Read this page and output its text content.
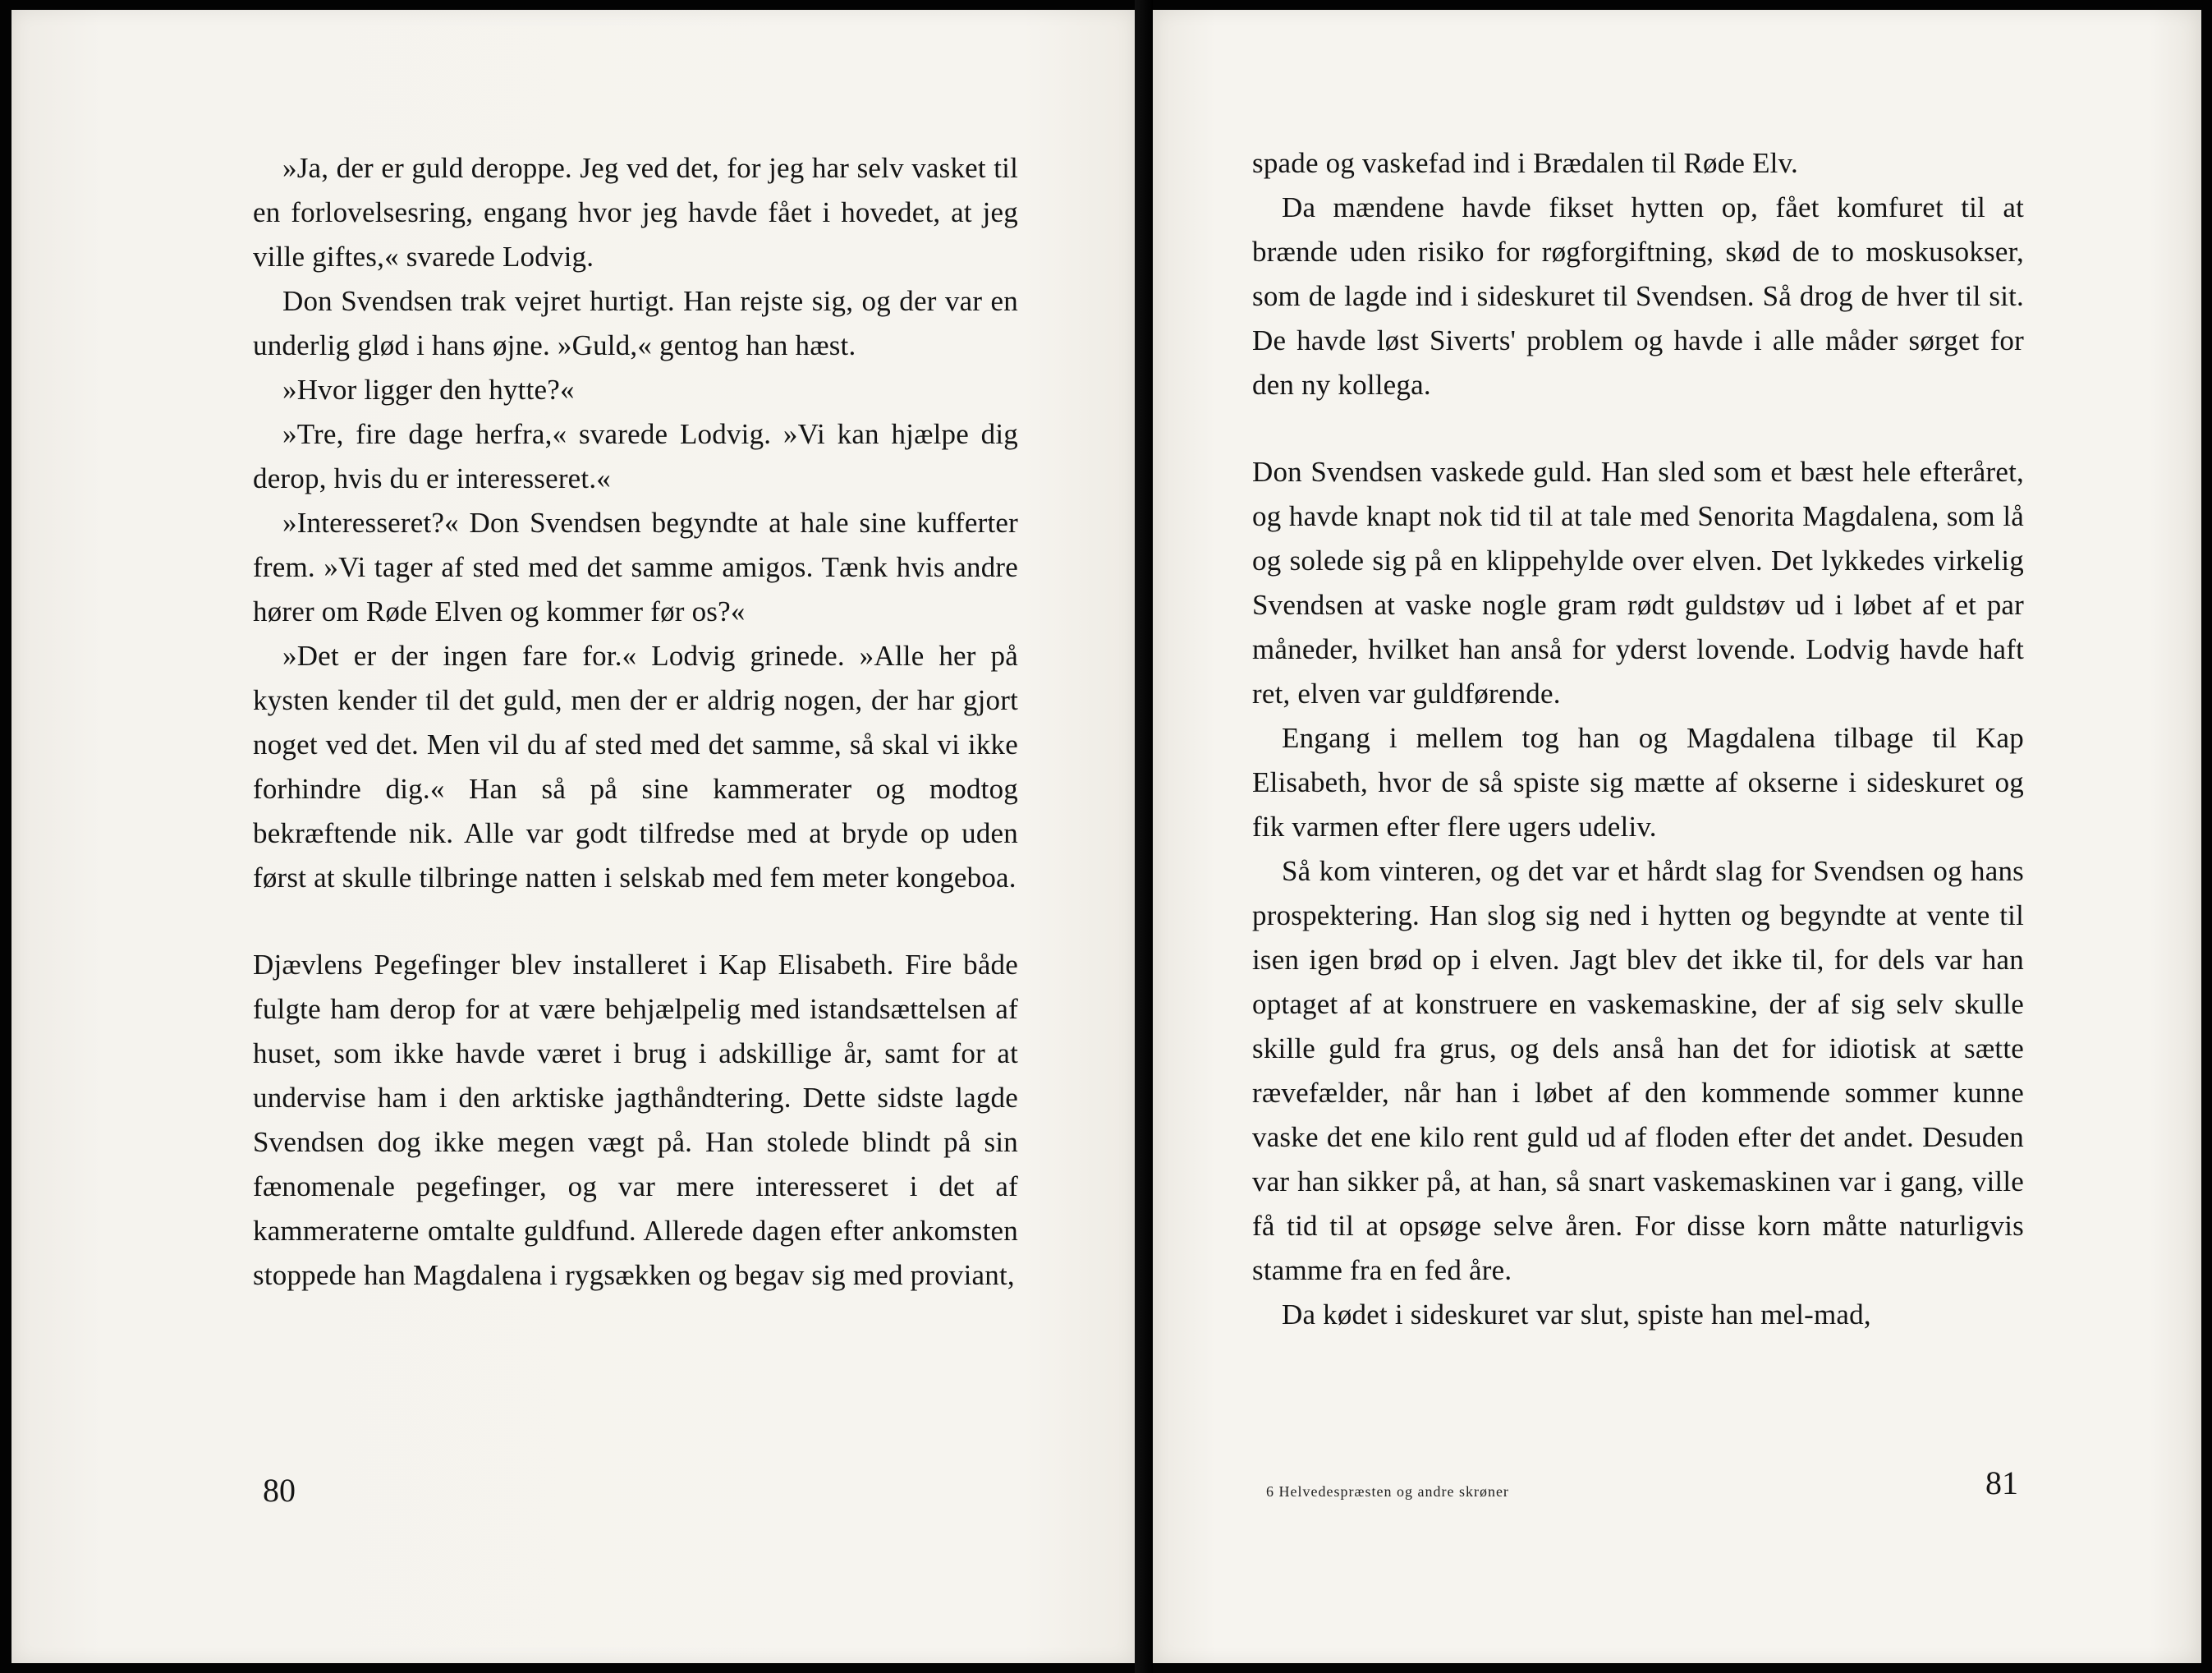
»Ja, der er guld deroppe. Jeg ved det, for jeg har selv vasket til en forlovelsesring, engang hvor jeg havde fået i hovedet, at jeg ville giftes,« svarede Lodvig.

Don Svendsen trak vejret hurtigt. Han rejste sig, og der var en underlig glød i hans øjne. »Guld,« gentog han hæst.

»Hvor ligger den hytte?«

»Tre, fire dage herfra,« svarede Lodvig. »Vi kan hjælpe dig derop, hvis du er interesseret.«

»Interesseret?« Don Svendsen begyndte at hale sine kufferter frem. »Vi tager af sted med det samme amigos. Tænk hvis andre hører om Røde Elven og kommer før os?«

»Det er der ingen fare for.« Lodvig grinede. »Alle her på kysten kender til det guld, men der er aldrig nogen, der har gjort noget ved det. Men vil du af sted med det samme, så skal vi ikke forhindre dig.« Han så på sine kammerater og modtog bekræftende nik. Alle var godt tilfredse med at bryde op uden først at skulle tilbringe natten i selskab med fem meter kongeboa.

Djævlens Pegefinger blev installeret i Kap Elisabeth. Fire både fulgte ham derop for at være behjælpelig med istandsættelsen af huset, som ikke havde været i brug i adskillige år, samt for at undervise ham i den arktiske jagthåndtering. Dette sidste lagde Svendsen dog ikke megen vægt på. Han stolede blindt på sin fænomenale pegefinger, og var mere interesseret i det af kammeraterne omtalte guldfund. Allerede dagen efter ankomsten stoppede han Magdalena i rygsækken og begav sig med proviant,

spade og vaskefad ind i Brædalen til Røde Elv.

Da mændene havde fikset hytten op, fået komfuret til at brænde uden risiko for røgforgiftning, skød de to moskusokser, som de lagde ind i sideskuret til Svendsen. Så drog de hver til sit. De havde løst Siverts' problem og havde i alle måder sørget for den ny kollega.

Don Svendsen vaskede guld. Han sled som et bæst hele efteråret, og havde knapt nok tid til at tale med Senorita Magdalena, som lå og solede sig på en klippehylde over elven. Det lykkedes virkelig Svendsen at vaske nogle gram rødt guldstøv ud i løbet af et par måneder, hvilket han anså for yderst lovende. Lodvig havde haft ret, elven var guldførende.

Engang i mellem tog han og Magdalena tilbage til Kap Elisabeth, hvor de så spiste sig mætte af okserne i sideskuret og fik varmen efter flere ugers udeliv.

Så kom vinteren, og det var et hårdt slag for Svendsen og hans prospektering. Han slog sig ned i hytten og begyndte at vente til isen igen brød op i elven. Jagt blev det ikke til, for dels var han optaget af at konstruere en vaskemaskine, der af sig selv skulle skille guld fra grus, og dels anså han det for idiotisk at sætte rævefælder, når han i løbet af den kommende sommer kunne vaske det ene kilo rent guld ud af floden efter det andet. Desuden var han sikker på, at han, så snart vaskemaskinen var i gang, ville få tid til at opsøge selve åren. For disse korn måtte naturligvis stamme fra en fed åre.

Da kødet i sideskuret var slut, spiste han mel-mad,

80	6 Helvedespræsten og andre skrøner	81
